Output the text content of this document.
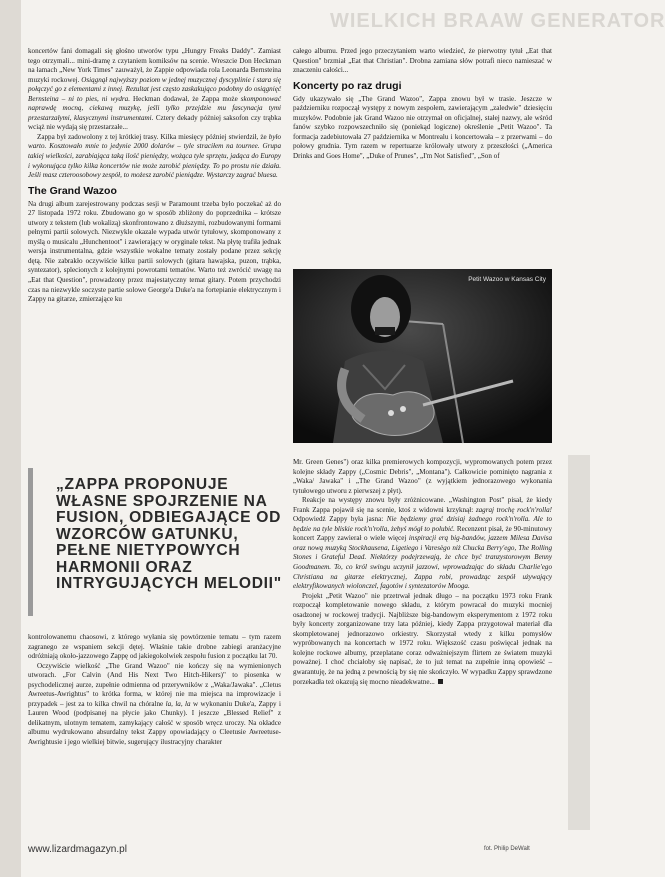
WIELKICH BRAAW GENERATOR

koncertów fani domagali się głośno utworów typu „Hungry Freaks Daddy". Zamiast tego otrzymali... mini-dramę z czytaniem komiksów na scenie. Wreszcie Don Heckman na łamach „New York Times" zauważył, że Zappie odpowiada rola Leonarda Bernsteina muzyki rockowej. Osiągnął najwyższy poziom w jednej muzycznej dyscyplinie i stara się połączyć go z elementami z innej. Rezultat jest często zaskakująco podobny do osiągnięć Bernsteina – ni to pies, ni wydra. Heckman dodawał, że Zappa może skomponować naprawdę mocną, ciekawą muzykę, jeśli tylko przejdzie mu fascynacja tymi przestarzałymi, klasycznymi instrumentami. Cztery dekady później saksofon czy trąbka wciąż nie wydają się przestarzałe...

Zappa był zadowolony z tej krótkiej trasy. Kilka miesięcy później stwierdził, że było warto. Kosztowało mnie to jedynie 2000 dolarów – tyle straciłem na tournee. Grupa takiej wielkości, zarabiająca taką ilość pieniędzy, wożąca tyle sprzętu, jadąca do Europy i wykonująca tylko kilka koncertów nie może zarobić pieniędzy. To po prostu nie działa. Jeśli masz czteroosobowy zespół, to możesz zarobić pieniądze. Wystarczy zagrać bluesa.

The Grand Wazoo

Na drugi album zarejestrowany podczas sesji w Paramount trzeba było poczekać aż do 27 listopada 1972 roku. Zbudowano go w sposób zbliżony do poprzednika – krótsze utwory z tekstem (lub wokalizą) skonfrontowano z dłuższymi, rozbudowanymi formami pełnymi partii solowych. Niezwykle okazale wypada utwór tytułowy, skomponowany z myślą o musicalu „Hunchentoot" i zawierający w oryginale tekst. Na płytę trafiła jednak wersja instrumentalna, gdzie wszystkie wokalne tematy zostały podane przez sekcję dętą. Nie zabrakło oczywiście kilku partii solowych (gitara hawajska, puzon, trąbka, syntezator), splecionych z kolejnymi powrotami tematów. Warto też zwrócić uwagę na „Eat that Question", prowadzony przez majestatyczny temat gitary. Potem przychodzi czas na niezwykle soczyste partie solowe George'a Duke'a na fortepianie elektrycznym i Zappy na gitarze, zmierzające ku

całego albumu. Przed jego przeczytaniem warto wiedzieć, że pierwotny tytuł „Eat that Question" brzmiał „Eat that Christian". Drobna zamiana słów potrafi nieco namieszać w znaczeniu całości...

Koncerty po raz drugi

Gdy ukazywało się „The Grand Wazoo", Zappa znowu był w trasie. Jeszcze w październiku rozpoczął występy z nowym zespołem, zawierającym „zaledwie" dziesięciu muzyków. Podobnie jak Grand Wazoo nie otrzymał on oficjalnej, stałej nazwy, ale wśród fanów szybko rozpowszechniło się (poniekąd logiczne) określenie „Petit Wazoo". Ta formacja zadebiutowała 27 października w Montrealu i koncertowała – z przerwami – do połowy grudnia. Tym razem w repertuarze królowały utwory z przeszłości („America Drinks and Goes Home", „Duke of Prunes", „I'm Not Satisfied", „Son of

Petit Wazoo w Kansas City
„ZAPPA PROPONUJE WŁASNE SPOJRZENIE NA FUSION, ODBIEGAJĄCE OD WZORCÓW GATUNKU, PEŁNE NIETYPOWYCH HARMONII ORAZ INTRYGUJĄCYCH MELODII"

kontrolowanemu chaosowi, z którego wyłania się powtórzenie tematu – tym razem zagranego ze wspaniem sekcji dętej. Właśnie takie drobne zabiegi aranżacyjne odróżniają około-jazzowego Zappę od jakiegokolwiek zespołu fusion z początku lat 70.

Oczywiście wielkość „The Grand Wazoo" nie kończy się na wymienionych utworach. „For Calvin (And His Next Two Hitch-Hikers)" to piosenka w psychodelicznej aurze, zupełnie odmienna od przerywników z „Waka/Jawaka". „Cletus Awreetus-Awrightus" to krótka forma, w której nie ma miejsca na improwizacje i przypadek – jest za to kilka chwil na chóralne la, la, la w wykonaniu Duke'a, Zappy i Lauren Wood (podpisanej na płycie jako Chunky). I jeszcze „Blessed Relief" z delikatnym, ulotnym tematem, zamykający całość w sposób wręcz uroczy. Na okładce albumu wydrukowano absurdalny tekst Zappy opowiadający o Cleetusie Awreetuse-Awrightusie i jego wielkiej bitwie, sugerujący ilustracyjny charakter

Mr. Green Genes") oraz kilka premierowych kompozycji, wypromowanych potem przez kolejne składy Zappy („Cosmic Debris", „Montana"). Całkowicie pominięto nagrania z „Waka/ Jawaka" i „The Grand Wazoo" (z wyjątkiem jednorazowego wykonania tytułowego utworu z pierwszej z płyt).

Reakcje na występy znowu były zróżnicowane. „Washington Post" pisał, że kiedy Frank Zappa pojawił się na scenie, ktoś z widowni krzyknął: zagraj trochę rock'n'rolla! Odpowiedź Zappy była jasna: Nie będziemy grać dzisiaj żadnego rock'n'rolla. Ale to będzie na tyle bliskie rock'n'rolla, żebyś mógł to polubić. Recenzent pisał, że 90-minutowy koncert Zappy zawierał o wiele więcej inspiracji erą big-bandów, jazzem Milesa Davisa oraz nową muzyką Stockhausena, Ligetiego i Varesègo niż Chucka Berry'ego, The Rolling Stones i Grateful Dead. Niektórzy podejrzewają, że chce być tranzystorowym Benny Goodmanem. To, co król swingu uczynił jazzowi, wprowadzając do składu Charlie'ego Christiana na gitarze elektrycznej, Zappa robi, prowadząc zespół używający elektryfikowanych wiolonczel, fagotów i syntezatorów Mooga.

Projekt „Petit Wazoo" nie przetrwał jednak długo – na początku 1973 roku Frank rozpoczął kompletowanie nowego składu, z którym powracał do muzyki mocniej osadzonej w rockowej tradycji. Najbliższe big-bandowym eksperymentom z 1972 roku były koncerty zorganizowane trzy lata później, kiedy Zappa przygotował materiał dla skompletowanej jednorazowo orkiestry. Skorzystał wtedy z kilku pomysłów wypróbowanych na koncertach w 1972 roku. Większość czasu poświęcał jednak na kolejne rockowe albumy, przeplatane coraz odważniejszym flirtem ze światem muzyki poważnej. I choć chciałoby się napisać, że to już temat na zupełnie inną opowieść – gwarantuję, że na jedną z pewnością by się nie skończyło. W wypadku Zappy sprawdzone porzekadła też okazują się mocno nieadekwatne...

www.lizardmagazyn.pl	fot. Philip DeWalt
